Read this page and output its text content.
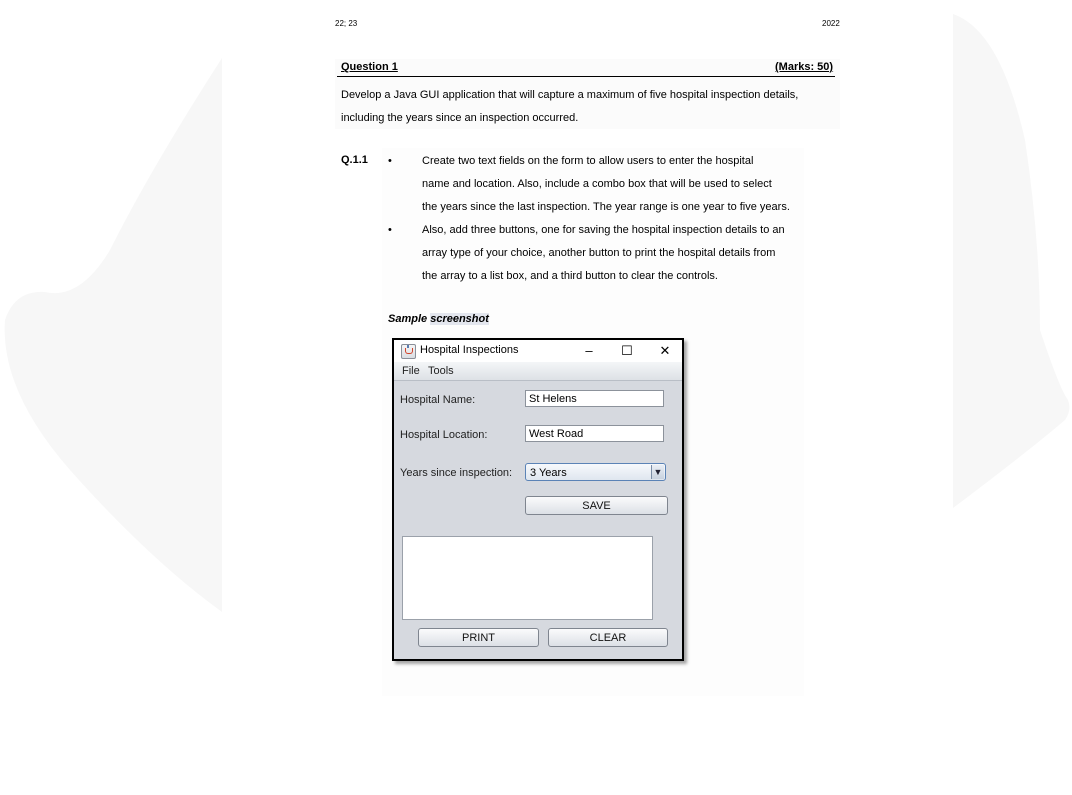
22; 23	2022
Question 1	(Marks: 50)
Develop a Java GUI application that will capture a maximum of five hospital inspection details,
including the years since an inspection occurred.
Q.1.1 •	Create two text fields on the form to allow users to enter the hospital
name and location. Also, include a combo box that will be used to select
the years since the last inspection. The year range is one year to five years.
•	Also, add three buttons, one for saving the hospital inspection details to an
array type of your choice, another button to print the hospital details from
the array to a list box, and a third button to clear the controls.
Sample screenshot
Hospital Inspections	–	☐	✕
File Tools
Hospital Name:	St Helens
Hospital Location:	West Road
Years since inspection:	3 Years	▼
SAVE
PRINT	CLEAR
